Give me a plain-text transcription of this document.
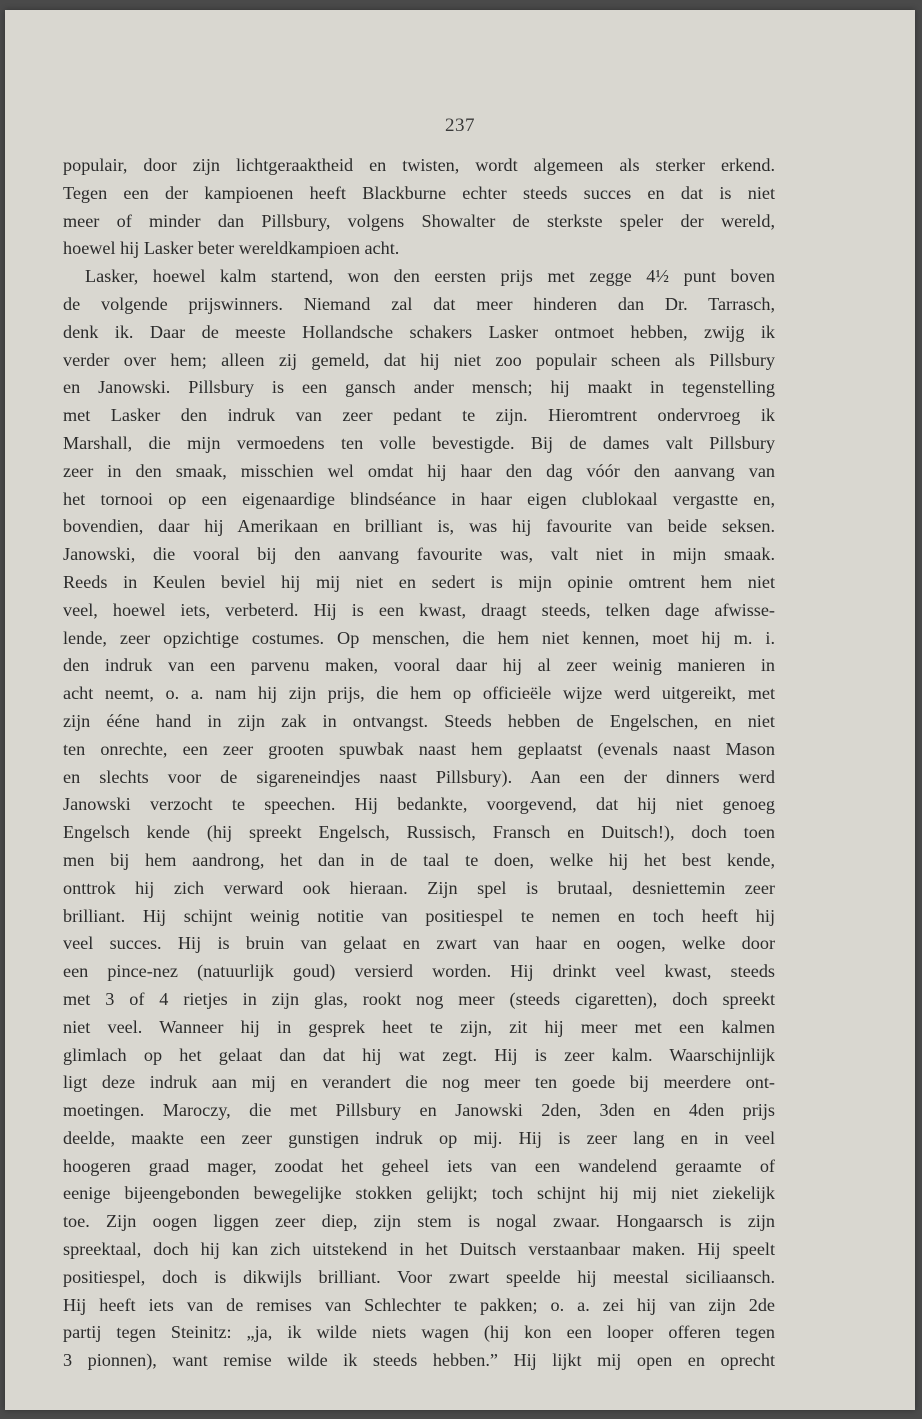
237
populair, door zijn lichtgeraaktheid en twisten, wordt algemeen als sterker erkend.
Tegen een der kampioenen heeft Blackburne echter steeds succes en dat is niet
meer of minder dan Pillsbury, volgens Showalter de sterkste speler der wereld,
hoewel hij Lasker beter wereldkampioen acht.
Lasker, hoewel kalm startend, won den eersten prijs met zegge 4½ punt boven
de volgende prijswinners. Niemand zal dat meer hinderen dan Dr. Tarrasch,
denk ik. Daar de meeste Hollandsche schakers Lasker ontmoet hebben, zwijg ik
verder over hem; alleen zij gemeld, dat hij niet zoo populair scheen als Pillsbury
en Janowski. Pillsbury is een gansch ander mensch; hij maakt in tegenstelling
met Lasker den indruk van zeer pedant te zijn. Hieromtrent ondervroeg ik
Marshall, die mijn vermoedens ten volle bevestigde. Bij de dames valt Pillsbury
zeer in den smaak, misschien wel omdat hij haar den dag vóór den aanvang van
het tornooi op een eigenaardige blindséance in haar eigen clublokaal vergastte en,
bovendien, daar hij Amerikaan en brilliant is, was hij favourite van beide seksen.
Janowski, die vooral bij den aanvang favourite was, valt niet in mijn smaak.
Reeds in Keulen beviel hij mij niet en sedert is mijn opinie omtrent hem niet
veel, hoewel iets, verbeterd. Hij is een kwast, draagt steeds, telken dage afwisse-
lende, zeer opzichtige costumes. Op menschen, die hem niet kennen, moet hij m. i.
den indruk van een parvenu maken, vooral daar hij al zeer weinig manieren in
acht neemt, o. a. nam hij zijn prijs, die hem op officieële wijze werd uitgereikt, met
zijn ééne hand in zijn zak in ontvangst. Steeds hebben de Engelschen, en niet
ten onrechte, een zeer grooten spuwbak naast hem geplaatst (evenals naast Mason
en slechts voor de sigareneindjes naast Pillsbury). Aan een der dinners werd
Janowski verzocht te speechen. Hij bedankte, voorgevend, dat hij niet genoeg
Engelsch kende (hij spreekt Engelsch, Russisch, Fransch en Duitsch!), doch toen
men bij hem aandrong, het dan in de taal te doen, welke hij het best kende,
onttrok hij zich verward ook hieraan. Zijn spel is brutaal, desniettemin zeer
brilliant. Hij schijnt weinig notitie van positiespel te nemen en toch heeft hij
veel succes. Hij is bruin van gelaat en zwart van haar en oogen, welke door
een pince-nez (natuurlijk goud) versierd worden. Hij drinkt veel kwast, steeds
met 3 of 4 rietjes in zijn glas, rookt nog meer (steeds cigaretten), doch spreekt
niet veel. Wanneer hij in gesprek heet te zijn, zit hij meer met een kalmen
glimlach op het gelaat dan dat hij wat zegt. Hij is zeer kalm. Waarschijnlijk
ligt deze indruk aan mij en verandert die nog meer ten goede bij meerdere ont-
moetingen. Maroczy, die met Pillsbury en Janowski 2den, 3den en 4den prijs
deelde, maakte een zeer gunstigen indruk op mij. Hij is zeer lang en in veel
hoogeren graad mager, zoodat het geheel iets van een wandelend geraamte of
eenige bijeengebonden bewegelijke stokken gelijkt; toch schijnt hij mij niet ziekelijk
toe. Zijn oogen liggen zeer diep, zijn stem is nogal zwaar. Hongaarsch is zijn
spreektaal, doch hij kan zich uitstekend in het Duitsch verstaanbaar maken. Hij speelt
positiespel, doch is dikwijls brilliant. Voor zwart speelde hij meestal siciliaansch.
Hij heeft iets van de remises van Schlechter te pakken; o. a. zei hij van zijn 2de
partij tegen Steinitz: „ja, ik wilde niets wagen (hij kon een looper offeren tegen
3 pionnen), want remise wilde ik steeds hebben.” Hij lijkt mij open en oprecht
